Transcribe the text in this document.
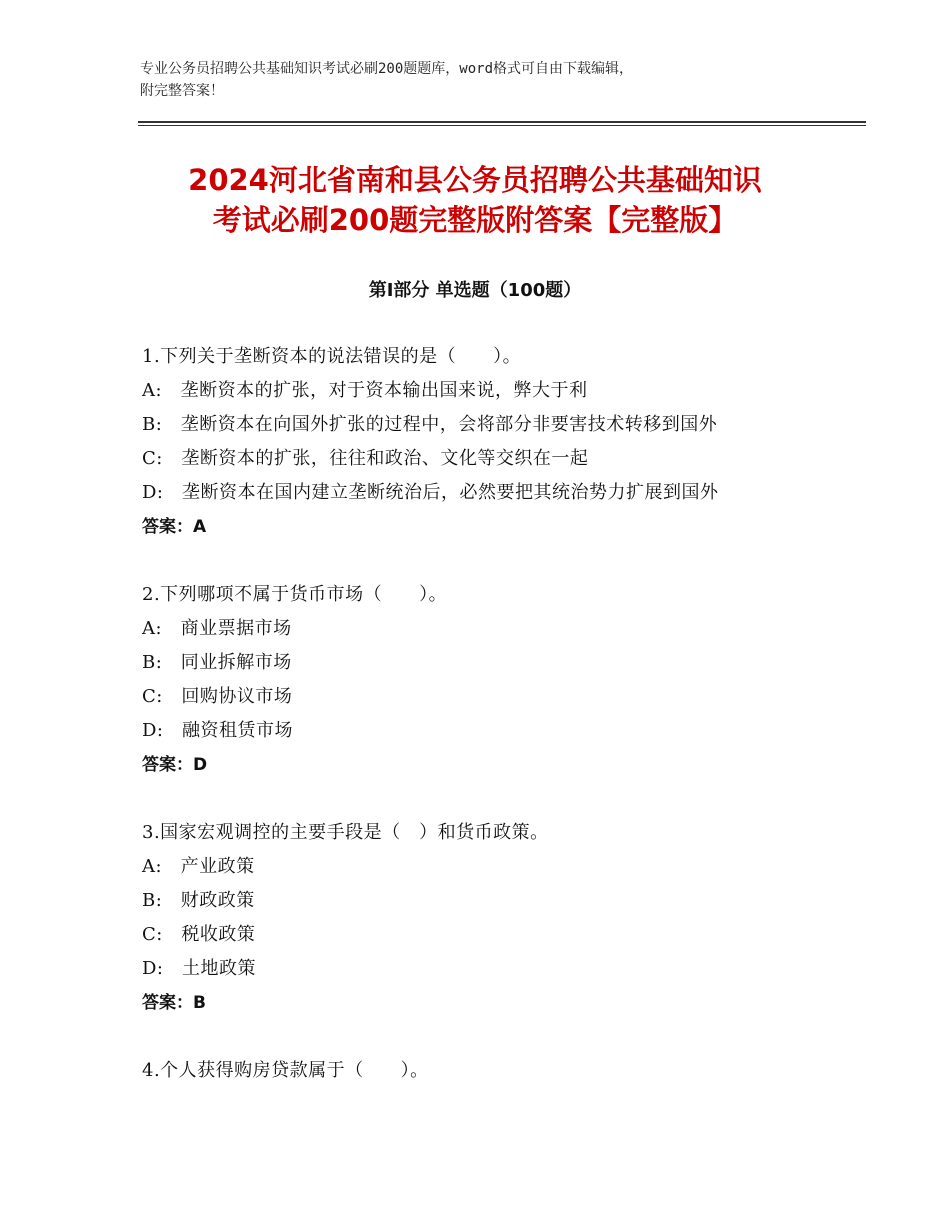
专业公务员招聘公共基础知识考试必刷200题题库，word格式可自由下载编辑，
附完整答案！
2024河北省南和县公务员招聘公共基础知识
考试必刷200题完整版附答案【完整版】
第Ⅰ部分 单选题（100题）
1.下列关于垄断资本的说法错误的是（　　）。
A:　垄断资本的扩张，对于资本输出国来说，弊大于利
B:　垄断资本在向国外扩张的过程中，会将部分非要害技术转移到国外
C:　垄断资本的扩张，往往和政治、文化等交织在一起
D:　垄断资本在国内建立垄断统治后，必然要把其统治势力扩展到国外
答案：A
2.下列哪项不属于货币市场（　　）。
A:　商业票据市场
B:　同业拆解市场
C:　回购协议市场
D:　融资租赁市场
答案：D
3.国家宏观调控的主要手段是（　）和货币政策。
A:　产业政策
B:　财政政策
C:　税收政策
D:　土地政策
答案：B
4.个人获得购房贷款属于（　　）。
